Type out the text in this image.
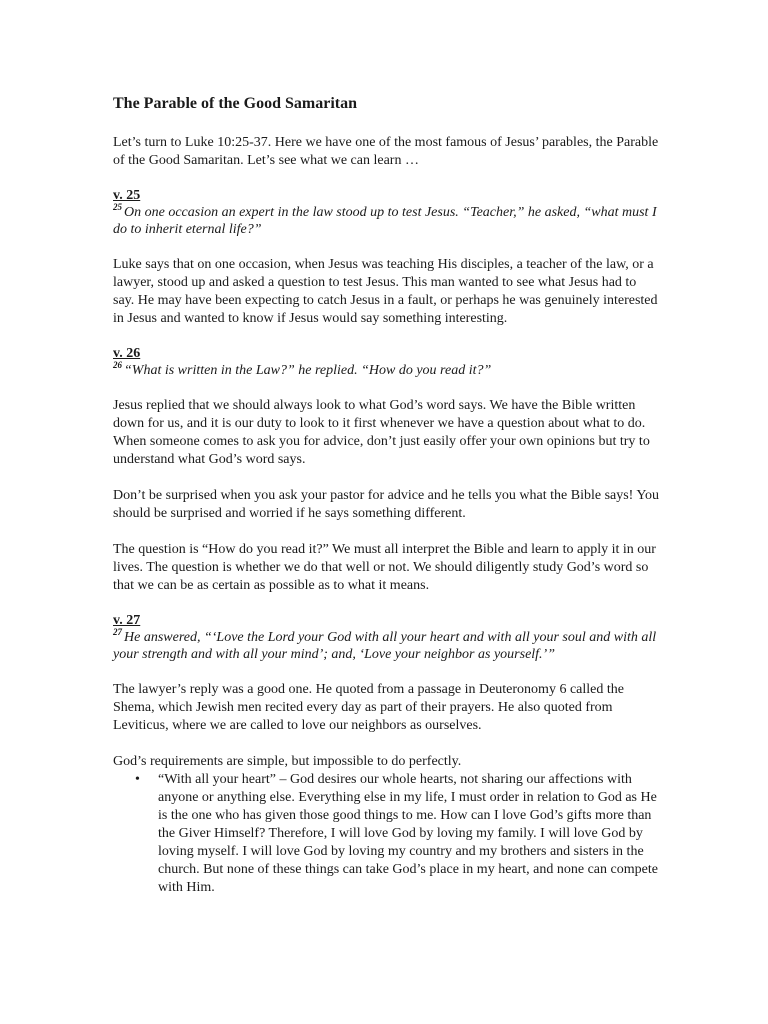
The Parable of the Good Samaritan

Let’s turn to Luke 10:25-37. Here we have one of the most famous of Jesus’ parables, the Parable of the Good Samaritan. Let’s see what we can learn …

v. 25

$^{25}$ On one occasion an expert in the law stood up to test Jesus. “Teacher,” he asked, “what must I do to inherit eternal life?”

Luke says that on one occasion, when Jesus was teaching His disciples, a teacher of the law, or a lawyer, stood up and asked a question to test Jesus. This man wanted to see what Jesus had to say. He may have been expecting to catch Jesus in a fault, or perhaps he was genuinely interested in Jesus and wanted to know if Jesus would say something interesting.

v. 26

$^{26}$ “What is written in the Law?” he replied. “How do you read it?”

Jesus replied that we should always look to what God’s word says. We have the Bible written down for us, and it is our duty to look to it first whenever we have a question about what to do. When someone comes to ask you for advice, don’t just easily offer your own opinions but try to understand what God’s word says.

Don’t be surprised when you ask your pastor for advice and he tells you what the Bible says! You should be surprised and worried if he says something different.

The question is “How do you read it?” We must all interpret the Bible and learn to apply it in our lives. The question is whether we do that well or not. We should diligently study God’s word so that we can be as certain as possible as to what it means.

v. 27

$^{27}$ He answered, “‘Love the Lord your God with all your heart and with all your soul and with all your strength and with all your mind’; and, ‘Love your neighbor as yourself.’”

The lawyer’s reply was a good one. He quoted from a passage in Deuteronomy 6 called the Shema, which Jewish men recited every day as part of their prayers. He also quoted from Leviticus, where we are called to love our neighbors as ourselves.

God’s requirements are simple, but impossible to do perfectly.

• “With all your heart” – God desires our whole hearts, not sharing our affections with anyone or anything else. Everything else in my life, I must order in relation to God as He is the one who has given those good things to me. How can I love God’s gifts more than the Giver Himself? Therefore, I will love God by loving my family. I will love God by loving myself. I will love God by loving my country and my brothers and sisters in the church. But none of these things can take God’s place in my heart, and none can compete with Him.
